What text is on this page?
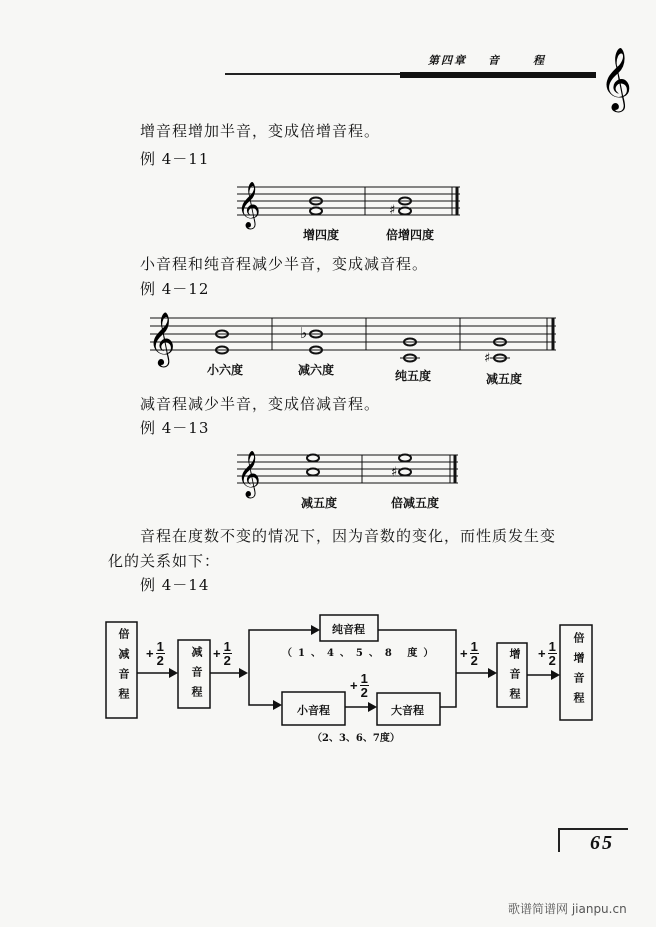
第四章 音	程 𝄞
𝄞	♯
𝄞	♭
♯
𝄞	♯
增音程增加半音，变成倍增音程。
例 4－11
增四度	倍增四度
小音程和纯音程减少半音，变成减音程。
例 4－12
小六度	减六度	纯五度	减五度
减音程减少半音，变成倍减音程。
例 4－13
减五度	倍减五度
音程在度数不变的情况下，因为音数的变化，而性质发生变
化的关系如下：
例 4－14
倍减音程	减音程
纯音程
小音程	大音程
增音程	倍增音程
（1、4、5、8 度）
（2、3、6、7度）
+ $\frac{1}{2}$	+ $\frac{1}{2}$
+ $\frac{1}{2}$
+ $\frac{1}{2}$	+ $\frac{1}{2}$
65
歌谱简谱网 jianpu.cn
